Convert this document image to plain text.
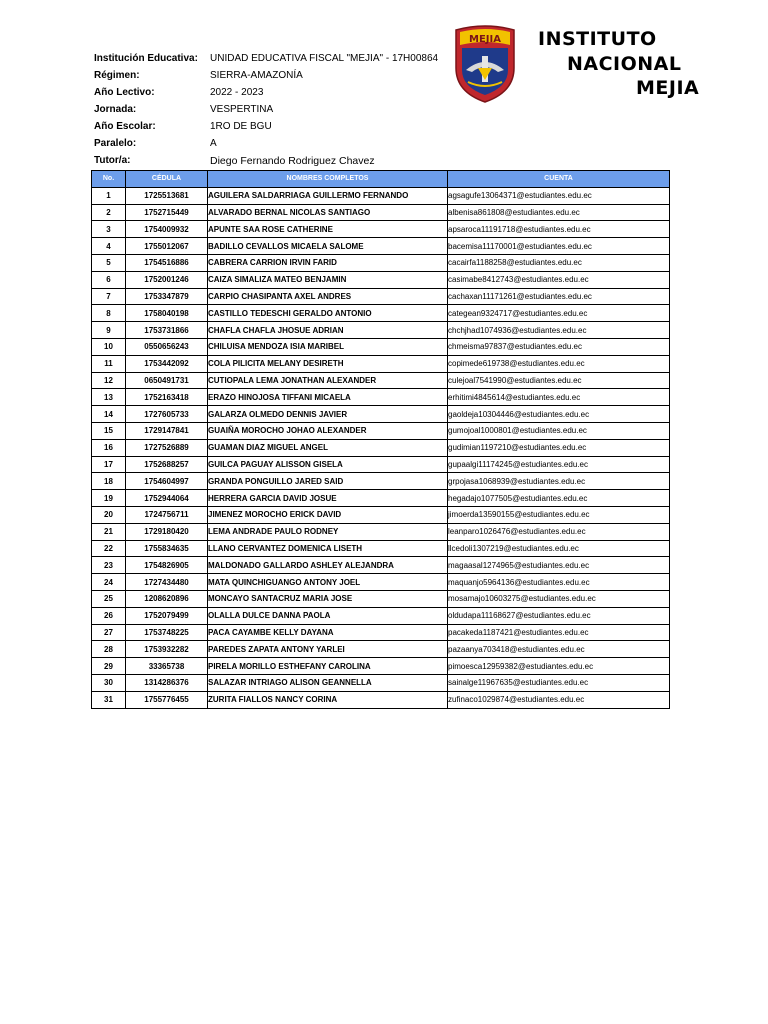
Institución Educativa: UNIDAD EDUCATIVA FISCAL "MEJIA" - 17H00864
Régimen:	SIERRA-AMAZONÍA
Año Lectivo:	2022 - 2023
Jornada:	VESPERTINA
Año Escolar:	1RO DE BGU
Paralelo:	A
Tutor/a:	Diego Fernando Rodriguez Chavez
MEJIA INSTITUTO
NACIONAL
MEJIA
No.	CÉDULA	NOMBRES COMPLETOS	CUENTA
1	1725513681	AGUILERA SALDARRIAGA GUILLERMO FERNANDO	agsagufe13064371@estudiantes.edu.ec
2	1752715449	ALVARADO BERNAL NICOLAS SANTIAGO	albenisa861808@estudiantes.edu.ec
3	1754009932	APUNTE SAA ROSE CATHERINE	apsaroca11191718@estudiantes.edu.ec
4	1755012067	BADILLO CEVALLOS MICAELA SALOME	bacemisa11170001@estudiantes.edu.ec
5	1754516886	CABRERA CARRION IRVIN FARID	cacairfa1188258@estudiantes.edu.ec
6	1752001246	CAIZA SIMALIZA MATEO BENJAMIN	casimabe8412743@estudiantes.edu.ec
7	1753347879	CARPIO CHASIPANTA AXEL ANDRES	cachaxan11171261@estudiantes.edu.ec
8	1758040198	CASTILLO TEDESCHI GERALDO ANTONIO	categean9324717@estudiantes.edu.ec
9	1753731866	CHAFLA CHAFLA JHOSUE ADRIAN	chchjhad1074936@estudiantes.edu.ec
10	0550656243	CHILUISA MENDOZA ISIA MARIBEL	chmeisma97837@estudiantes.edu.ec
11	1753442092	COLA PILICITA MELANY DESIRETH	copimede619738@estudiantes.edu.ec
12	0650491731	CUTIOPALA LEMA JONATHAN ALEXANDER	culejoal7541990@estudiantes.edu.ec
13	1752163418	ERAZO HINOJOSA TIFFANI MICAELA	erhitimi4845614@estudiantes.edu.ec
14	1727605733	GALARZA OLMEDO DENNIS JAVIER	gaoldeja10304446@estudiantes.edu.ec
15	1729147841	GUAIÑA MOROCHO JOHAO ALEXANDER	gumojoal1000801@estudiantes.edu.ec
16	1727526889	GUAMAN DIAZ MIGUEL ANGEL	gudimian1197210@estudiantes.edu.ec
17	1752688257	GUILCA PAGUAY ALISSON GISELA	gupaalgi11174245@estudiantes.edu.ec
18	1754604997	GRANDA PONGUILLO JARED SAID	grpojasa1068939@estudiantes.edu.ec
19	1752944064	HERRERA GARCIA DAVID JOSUE	hegadajo1077505@estudiantes.edu.ec
20	1724756711	JIMENEZ MOROCHO ERICK DAVID	jimoerda13590155@estudiantes.edu.ec
21	1729180420	LEMA ANDRADE PAULO RODNEY	leanparo1026476@estudiantes.edu.ec
22	1755834635	LLANO CERVANTEZ DOMENICA LISETH	llcedoli1307219@estudiantes.edu.ec
23	1754826905	MALDONADO GALLARDO ASHLEY ALEJANDRA	magaasal1274965@estudiantes.edu.ec
24	1727434480	MATA QUINCHIGUANGO ANTONY JOEL	maquanjo5964136@estudiantes.edu.ec
25	1208620896	MONCAYO SANTACRUZ MARIA JOSE	mosamajo10603275@estudiantes.edu.ec
26	1752079499	OLALLA DULCE DANNA PAOLA	oldudapa11168627@estudiantes.edu.ec
27	1753748225	PACA CAYAMBE KELLY DAYANA	pacakeda1187421@estudiantes.edu.ec
28	1753932282	PAREDES ZAPATA ANTONY YARLEI	pazaanya703418@estudiantes.edu.ec
29	33365738	PIRELA MORILLO ESTHEFANY CAROLINA	pimoesca12959382@estudiantes.edu.ec
30	1314286376	SALAZAR INTRIAGO ALISON GEANNELLA	sainalge11967635@estudiantes.edu.ec
31	1755776455	ZURITA FIALLOS NANCY CORINA	zufinaco1029874@estudiantes.edu.ec
